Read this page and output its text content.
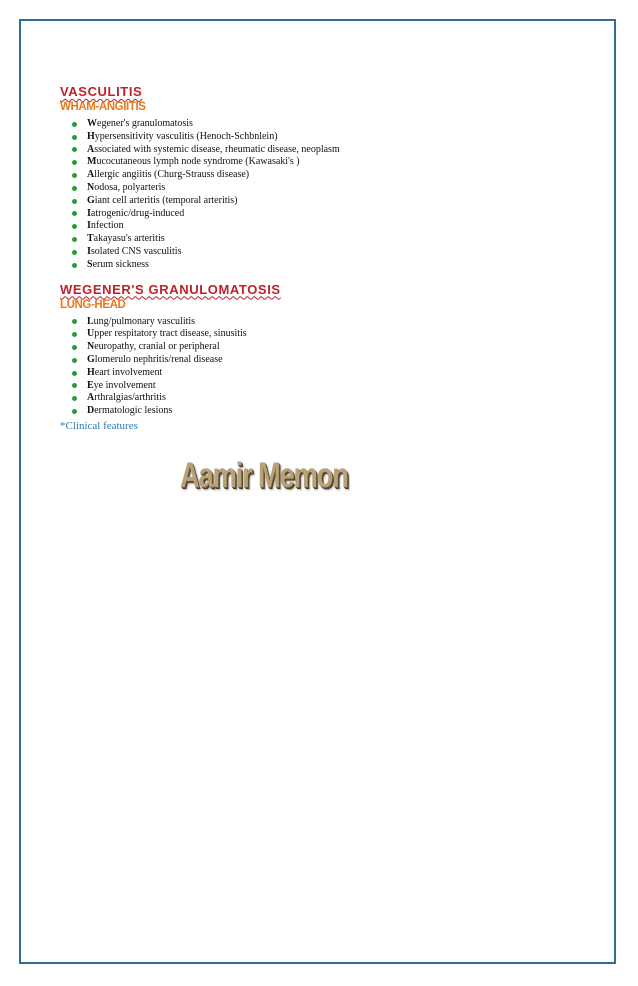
VASCULITIS
WHAM-ANGIITIS
W egener's granulomatosis
H ypersensitivity vasculitis (Henoch-Schbnlein)
A ssociated with systemic disease, rheumatic disease, neoplasm
M ucocutaneous lymph node syndrome (Kawasaki's )
A llergic angiitis (Churg-Strauss disease)
N odosa, polyarteris
G iant cell arteritis (temporal arteritis)
I atrogenic/drug-induced
I nfection
T akayasu's arteritis
I solated CNS vasculitis
S erum sickness
WEGENER'S GRANULOMATOSIS
LUNG-HEAD
L ung/pulmonary vasculitis
U pper respitatory tract disease, sinusitis
N europathy, cranial or peripheral
G lomerulo nephritis/renal disease
H eart involvement
E ye involvement
A rthralgias/arthritis
D ermatologic lesions
*Clinical features
Aamir Memon
